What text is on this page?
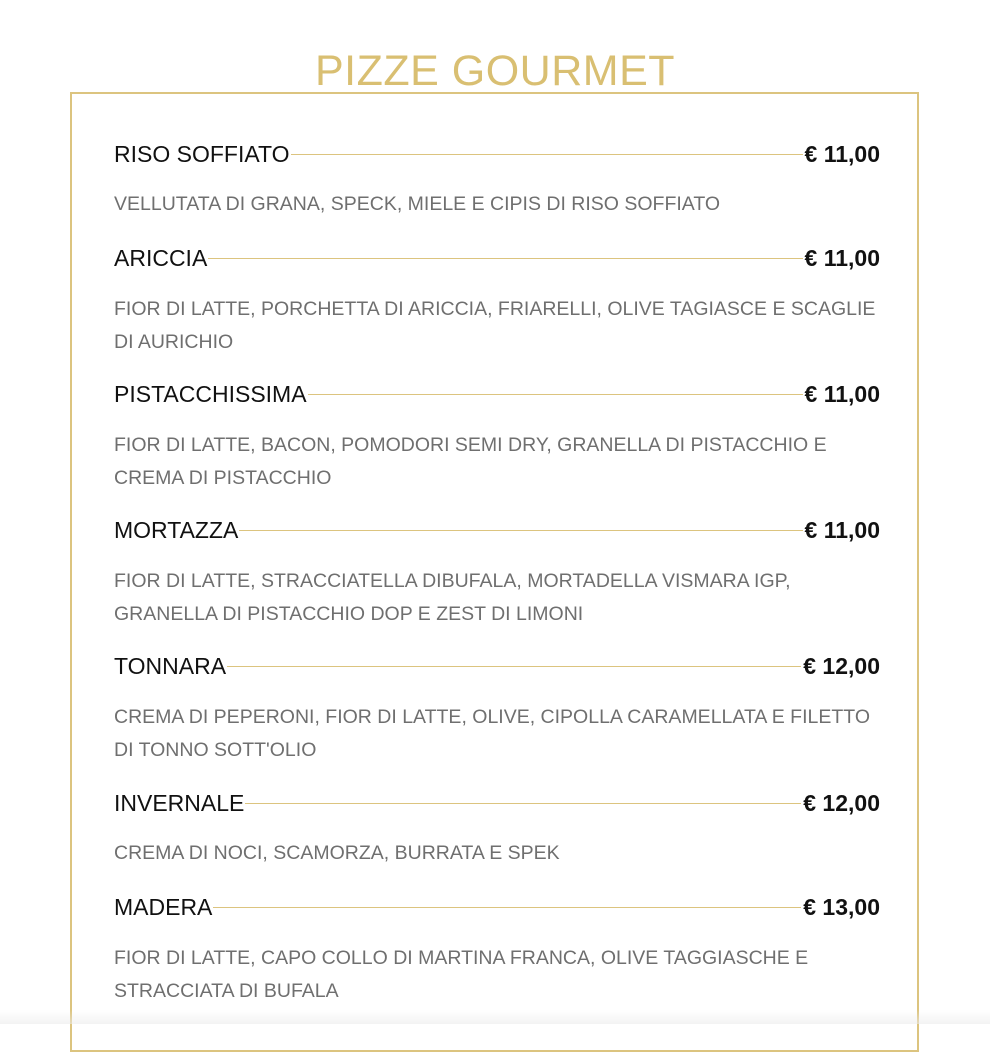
PIZZE GOURMET
RISO SOFFIATO	€ 11,00
VELLUTATA DI GRANA, SPECK, MIELE E CIPIS DI RISO SOFFIATO
ARICCIA	€ 11,00
FIOR DI LATTE, PORCHETTA DI ARICCIA, FRIARELLI, OLIVE TAGIASCE E SCAGLIE DI AURICHIO
PISTACCHISSIMA	€ 11,00
FIOR DI LATTE, BACON, POMODORI SEMI DRY, GRANELLA DI PISTACCHIO E CREMA DI PISTACCHIO
MORTAZZA	€ 11,00
FIOR DI LATTE, STRACCIATELLA DIBUFALA, MORTADELLA VISMARA IGP, GRANELLA DI PISTACCHIO DOP E ZEST DI LIMONI
TONNARA	€ 12,00
CREMA DI PEPERONI, FIOR DI LATTE, OLIVE, CIPOLLA CARAMELLATA E FILETTO DI TONNO SOTT'OLIO
INVERNALE	€ 12,00
CREMA DI NOCI, SCAMORZA, BURRATA E SPEK
MADERA	€ 13,00
FIOR DI LATTE, CAPO COLLO DI MARTINA FRANCA, OLIVE TAGGIASCHE E STRACCIATA DI BUFALA
